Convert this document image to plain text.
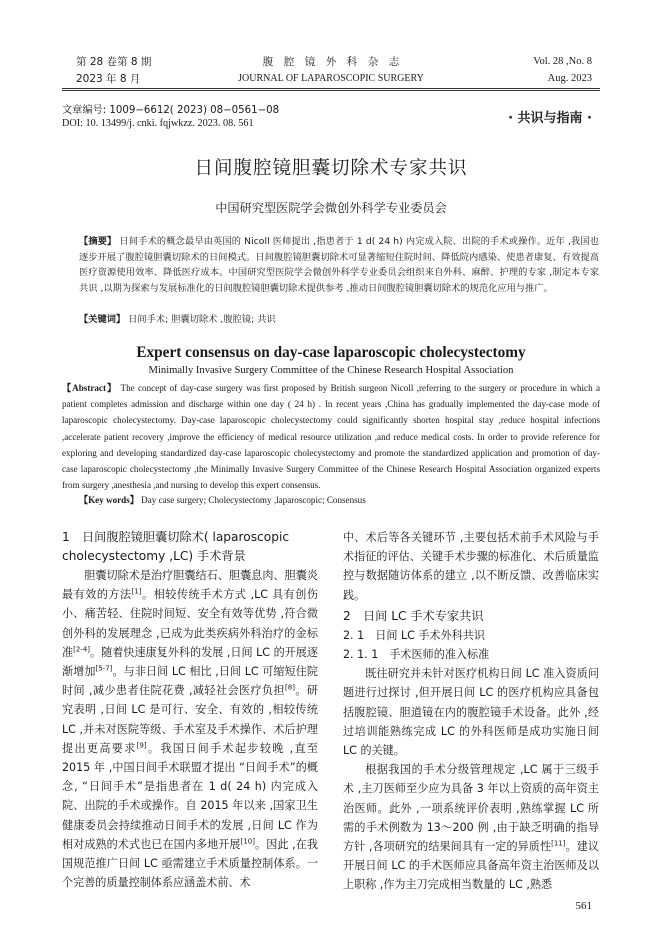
第 28 卷第 8 期
2023 年 8 月
腹　腔　镜　外　科　杂　志
JOURNAL OF LAPAROSCOPIC SURGERY
Vol. 28 ,No. 8
Aug. 2023
文章编号: 1009−6612( 2023) 08−0561−08
DOI: 10. 13499/j. cnki. fqjwkzz. 2023. 08. 561	· 共识与指南 ·
日间腹腔镜胆囊切除术专家共识
中国研究型医院学会微创外科学专业委员会
【摘要】 日间手术的概念最早由英国的 Nicoll 医师提出 ,指患者于 1 d( 24 h) 内完成入院、出院的手术或操作。近年 ,我国也逐步开展了腹腔镜胆囊切除术的日间模式。日间腹腔镜胆囊切除术可显著缩短住院时间、降低院内感染、使患者康复、有效提高医疗资源使用效率、降低医疗成本。中国研究型医院学会微创外科学专业委员会组织来自外科、麻醉、护理的专家 ,制定本专家共识 ,以期为探索与发展标准化的日间腹腔镜胆囊切除术提供参考 ,推动日间腹腔镜胆囊切除术的规范化应用与推广。
【关键词】 日间手术; 胆囊切除术 ,腹腔镜; 共识
Expert consensus on day-case laparoscopic cholecystectomy
Minimally Invasive Surgery Committee of the Chinese Research Hospital Association
【Abstract】 The concept of day-case surgery was first proposed by British surgeon Nicoll ,referring to the surgery or procedure in which a patient completes admission and discharge within one day ( 24 h) . In recent years ,China has gradually implemented the day-case mode of laparoscopic cholecystectomy. Day-case laparoscopic cholecystectomy could significantly shorten hospital stay ,reduce hospital infections ,accelerate patient recovery ,improve the efficiency of medical resource utilization ,and reduce medical costs. In order to provide reference for exploring and developing standardized day-case laparoscopic cholecystectomy and promote the standardized application and promotion of day-case laparoscopic cholecystectomy ,the Minimally Invasive Surgery Committee of the Chinese Research Hospital Association organized experts from surgery ,anesthesia ,and nursing to develop this expert consensus.
【Key words】 Day case surgery; Cholecystectomy ,laparoscopic; Consensus
1　日间腹腔镜胆囊切除术( laparoscopic cholecystectomy ,LC) 手术背景
胆囊切除术是治疗胆囊结石、胆囊息肉、胆囊炎最有效的方法[1]。相较传统手术方式 ,LC 具有创伤小、痛苦轻、住院时间短、安全有效等优势 ,符合微创外科的发展理念 ,已成为此类疾病外科治疗的金标准[2-4]。随着快速康复外科的发展 ,日间 LC 的开展逐渐增加[5-7]。与非日间 LC 相比 ,日间 LC 可缩短住院时间 ,减少患者住院花费 ,减轻社会医疗负担[8]。研究表明 ,日间 LC 是可行、安全、有效的 ,相较传统 LC ,并未对医院等级、手术室及手术操作、术后护理提出更高要求[9]。我国日间手术起步较晚 ,直至 2015 年 ,中国日间手术联盟才提出 “日间手术”的概念, “日间手术”是指患者在 1 d( 24 h) 内完成入院、出院的手术或操作。自 2015 年以来 ,国家卫生健康委员会持续推动日间手术的发展 ,日间 LC 作为相对成熟的术式也已在国内多地开展[10]。因此 ,在我国规范推广日间 LC 亟需建立手术质量控制体系。一个完善的质量控制体系应涵盖术前、术
中、术后等各关键环节 ,主要包括术前手术风险与手术指征的评估、关键手术步骤的标准化、术后质量监控与数据随访体系的建立 ,以不断反馈、改善临床实践。
2　日间 LC 手术专家共识
2. 1　日间 LC 手术外科共识
2. 1. 1　手术医师的准入标准
既往研究并未针对医疗机构日间 LC 准入资质问题进行过探讨 ,但开展日间 LC 的医疗机构应具备包括腹腔镜、胆道镜在内的腹腔镜手术设备。此外 ,经过培训能熟练完成 LC 的外科医师是成功实施日间 LC 的关键。
根据我国的手术分级管理规定 ,LC 属于三级手术 ,主刀医师至少应为具备 3 年以上资质的高年资主治医师。此外 ,一项系统评价表明 ,熟练掌握 LC 所需的手术例数为 13～200 例 ,由于缺乏明确的指导方针 ,各项研究的结果间具有一定的异质性[11]。建议开展日间 LC 的手术医师应具备高年资主治医师及以上职称 ,作为主刀完成相当数量的 LC ,熟悉
561
